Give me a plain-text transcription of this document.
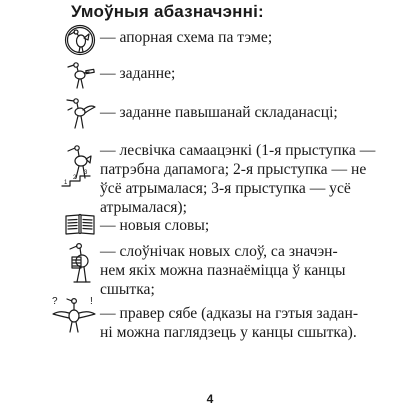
Умоўныя абазначэнні:
1
2
3
?	!
— апорная схема па тэме;
— заданне;
— заданне павышанай складанасці;
— лесвічка самаацэнкі (1-я прыступка —
патрэбна дапамога; 2-я прыступка — не
ўсё атрымалася; 3-я прыступка — усё
атрымалася);
— новыя словы;
— слоўнічак новых слоў, са значэн-
нем якіх можна пазнаёміцца ў канцы
сшытка;
— правер сябе (адказы на гэтыя задан-
ні можна паглядзець у канцы сшытка).
4
